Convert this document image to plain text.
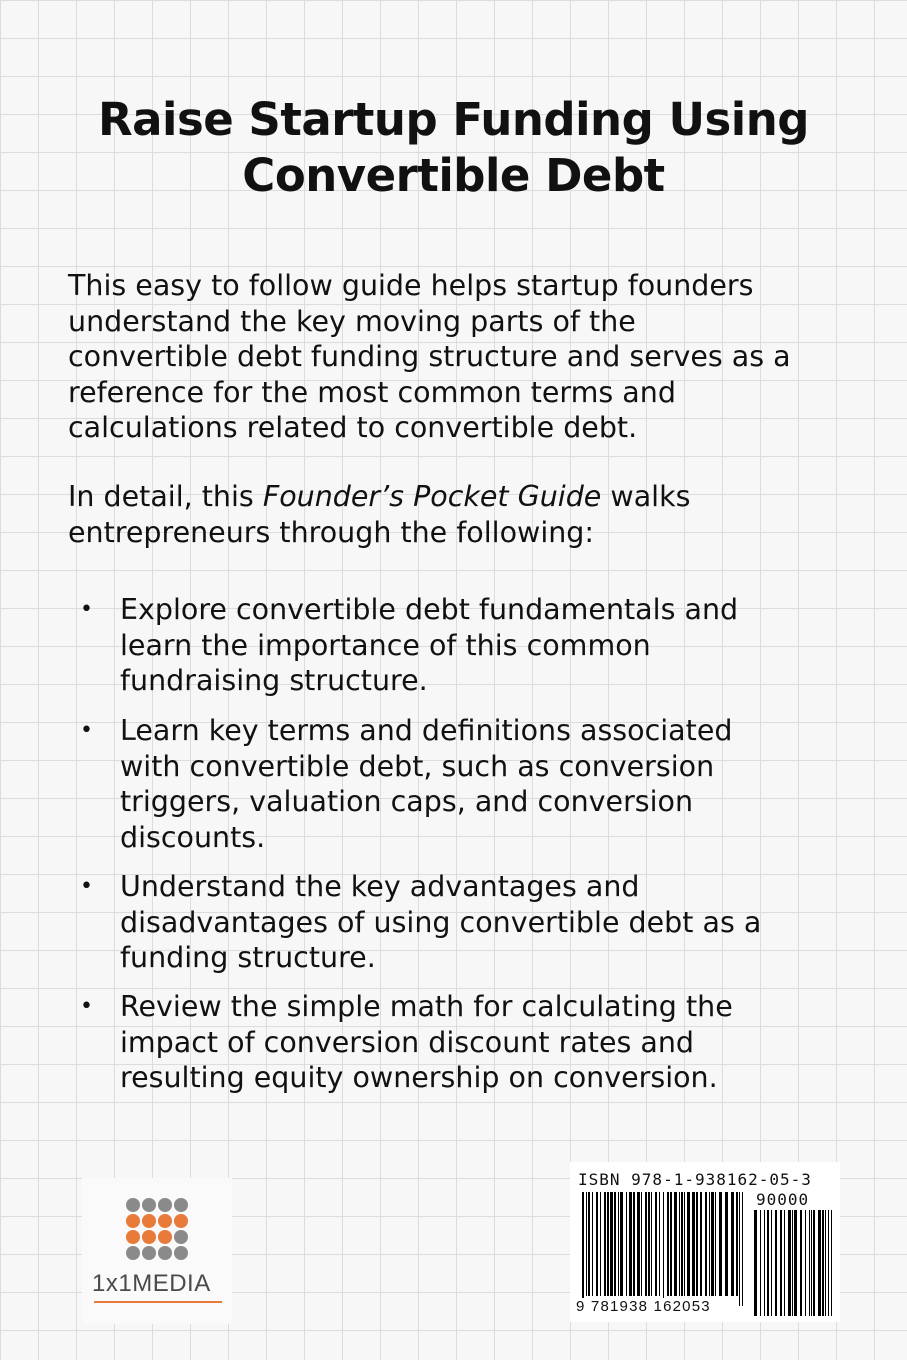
Raise Startup Funding Using
Convertible Debt
This easy to follow guide helps startup founders
understand the key moving parts of the
convertible debt funding structure and serves as a
reference for the most common terms and
calculations related to convertible debt.
In detail, this Founder’s Pocket Guide walks
entrepreneurs through the following:
• Explore convertible debt fundamentals and
learn the importance of this common
fundraising structure.
• Learn key terms and definitions associated
with convertible debt, such as conversion
triggers, valuation caps, and conversion
discounts.
• Understand the key advantages and
disadvantages of using convertible debt as a
funding structure.
• Review the simple math for calculating the
impact of conversion discount rates and
resulting equity ownership on conversion.
1x1MEDIA
ISBN 978-1-938162-05-3
90000
9 781938 162053
